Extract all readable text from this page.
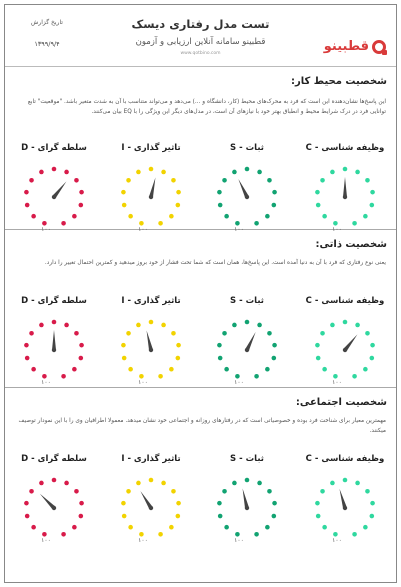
تاریخ گزارش
۱۳۹۹/۹/۴
تست مدل رفتاری دیسک
قطبینو سامانه آنلاین ارزیابی و آزمون
www.qotbino.com	قطبینو
شخصیت محیط کار:
این پاسخ‌ها نشان‌دهنده این است که فرد به محرک‌های محیط (کار، دانشگاه و ...) می‌دهد و می‌تواند متناسب با آن به شدت متغیر باشد. "موقعیت" تابع توانایی فرد در درک شرایط محیط و انطباق بهتر خود با نیازهای آن است، در مدل‌های دیگر این ویژگی را با EQ بیان می‌کنند.
وظیفه شناسی - C
۱۰۰
ثبات - S
۱۰۰
تاثیر گذاری - I
۱۰۰
سلطه گرای - D
۱۰۰
شخصیت ذاتی:
یعنی نوع رفتاری که فرد با آن به دنیا آمده است. این پاسخ‌ها، همان است که شما تحت فشار از خود بروز میدهید و کمترین احتمال تغییر را دارد.
وظیفه شناسی - C
۱۰۰
ثبات - S
۱۰۰
تاثیر گذاری - I
۱۰۰
سلطه گرای - D
۱۰۰
شخصیت اجتماعی:
مهمترین معیار برای شناخت فرد بوده و خصوصیاتی است که در رفتارهای روزانه و اجتماعی خود نشان میدهد. معمولا اطرافیان وی را با این نمودار توصیف میکنند.
وظیفه شناسی - C
۱۰۰
ثبات - S
۱۰۰
تاثیر گذاری - I
۱۰۰
سلطه گرای - D
۱۰۰
